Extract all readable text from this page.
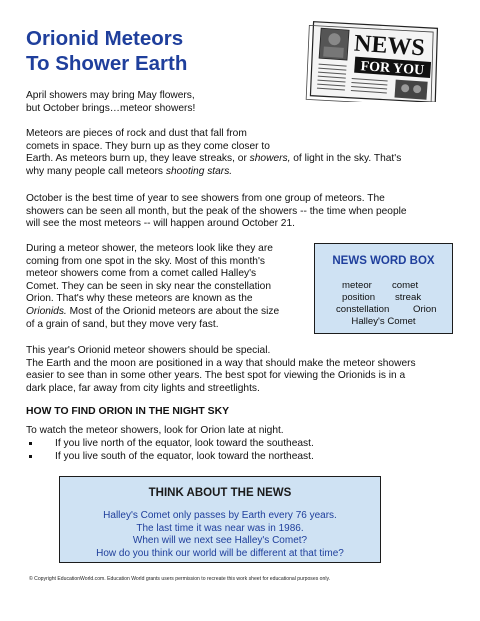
Orionid Meteors
To Shower Earth
NEWS
FOR YOU

April showers may bring May flowers,
but October brings…meteor showers!

Meteors are pieces of rock and dust that fall from
comets in space. They burn up as they come closer to
Earth. As meteors burn up, they leave streaks, or showers, of light in the sky. That's
why many people call meteors shooting stars.

October is the best time of year to see showers from one group of meteors. The
showers can be seen all month, but the peak of the showers -- the time when people
will see the most meteors -- will happen around October 21.

During a meteor shower, the meteors look like they are
coming from one spot in the sky. Most of this month's
meteor showers come from a comet called Halley's
Comet. They can be seen in sky near the constellation
Orion. That's why these meteors are known as the
Orionids. Most of the Orionid meteors are about the size
of a grain of sand, but they move very fast.

NEWS WORD BOX

meteor comet
position streak
constellation Orion
Halley's Comet

This year's Orionid meteor showers should be special.
The Earth and the moon are positioned in a way that should make the meteor showers
easier to see than in some other years. The best spot for viewing the Orionids is in a
dark place, far away from city lights and streetlights.

HOW TO FIND ORION IN THE NIGHT SKY

To watch the meteor showers, look for Orion late at night.

If you live north of the equator, look toward the southeast.
If you live south of the equator, look toward the northeast.

THINK ABOUT THE NEWS

Halley's Comet only passes by Earth every 76 years.
The last time it was near was in 1986.
When will we next see Halley's Comet?
How do you think our world will be different at that time?

© Copyright EducationWorld.com. Education World grants users permission to recreate this work sheet for educational purposes only.
